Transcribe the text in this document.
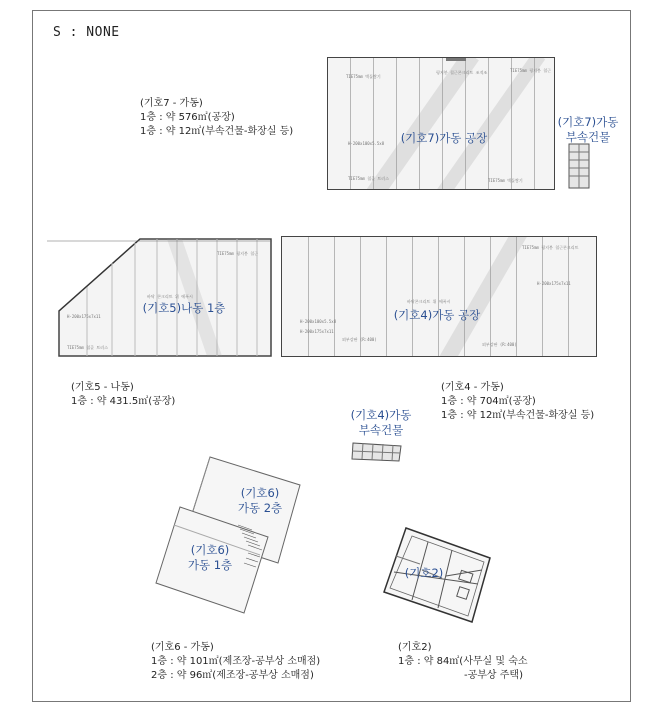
S : NONE
(기호7 - 가동)
1층 : 약 576㎡(공장)
1층 : 약 12㎡(부속건물-화장실 등)
TIE75mm 벽돌쌓기
평지붕 철근콘크리트 조적조	TIE75mm 평지붕 철근
H-200x100x5.5x8
TIE75mm 철골 트러스	TIE75mm 벽돌쌓기
(기호7)가동 공장
(기호7)가동
부속건물
TIE75mm 평지붕 철근
H-200x175x7x11
TIE75mm 철골 트러스
바닥 콘크리트 위 에폭시
(기호5)나동 1층
(기호5 - 나동)
1층 : 약 431.5㎡(공장)
TIE75mm 평지붕 철근콘크리트
H-200x175x7x11
H-200x100x5.5x8
H-200x175x7x11
외부강판 (R:400)
외부강판 (R:400)
바닥콘크리트 위 에폭시
(기호4)가동 공장
(기호4 - 가동)
1층 : 약 704㎡(공장)
1층 : 약 12㎡(부속건물-화장실 등)
(기호4)가동
부속건물
(기호6)
가동 2층
(기호6)
가동 1층
(기호6 - 가동)
1층 : 약 101㎡(제조장-공부상 소매점)
2층 : 약 96㎡(제조장-공부상 소매점)
(기호2)
(기호2)
1층 : 약 84㎡(사무실 및 숙소
-공부상 주택)
